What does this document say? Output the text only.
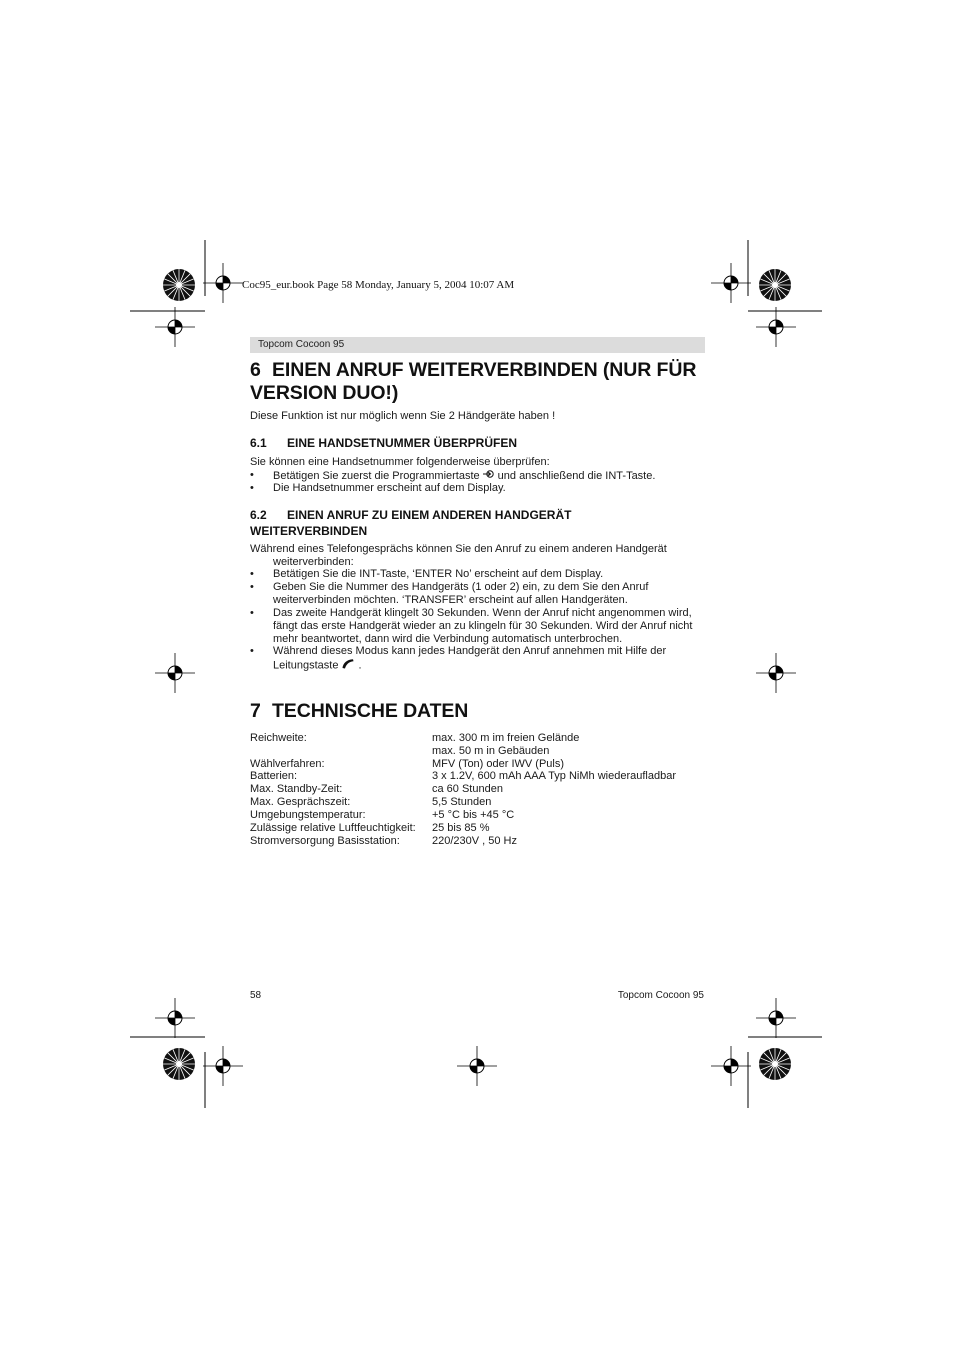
Coc95_eur.book Page 58 Monday, January 5, 2004 10:07 AM
Topcom Cocoon 95
6 EINEN ANRUF WEITERVERBINDEN (NUR FÜR
VERSION DUO!)
Diese Funktion ist nur möglich wenn Sie 2 Händgeräte haben !
6.1 EINE HANDSETNUMMER ÜBERPRÜFEN
Sie können eine Handsetnummer folgenderweise überprüfen:
•	Betätigen Sie zuerst die Programmiertaste und anschließend die INT-Taste.
•	Die Handsetnummer erscheint auf dem Display.
6.2 EINEN ANRUF ZU EINEM ANDEREN HANDGERÄT
WEITERVERBINDEN
Während eines Telefongesprächs können Sie den Anruf zu einem anderen Handgerät
weiterverbinden:
•	Betätigen Sie die INT-Taste, ‘ENTER No’ erscheint auf dem Display.
•	Geben Sie die Nummer des Handgeräts (1 oder 2) ein, zu dem Sie den Anruf
weiterverbinden möchten. ‘TRANSFER’ erscheint auf allen Handgeräten.
•	Das zweite Handgerät klingelt 30 Sekunden. Wenn der Anruf nicht angenommen wird,
fängt das erste Handgerät wieder an zu klingeln für 30 Sekunden. Wird der Anruf nicht
mehr beantwortet, dann wird die Verbindung automatisch unterbrochen.
•	Während dieses Modus kann jedes Handgerät den Anruf annehmen mit Hilfe der
Leitungstaste .
7 TECHNISCHE DATEN
Reichweite:	max. 300 m im freien Gelände
max. 50 m in Gebäuden
Wählverfahren:	MFV (Ton) oder IWV (Puls)
Batterien:	3 x 1.2V, 600 mAh AAA Typ NiMh wiederaufladbar
Max. Standby-Zeit:	ca 60 Stunden
Max. Gesprächszeit:	5,5 Stunden
Umgebungstemperatur:	+5 °C bis +45 °C
Zulässige relative Luftfeuchtigkeit: 25 bis 85 %
Stromversorgung Basisstation:	220/230V , 50 Hz
58	Topcom Cocoon 95
